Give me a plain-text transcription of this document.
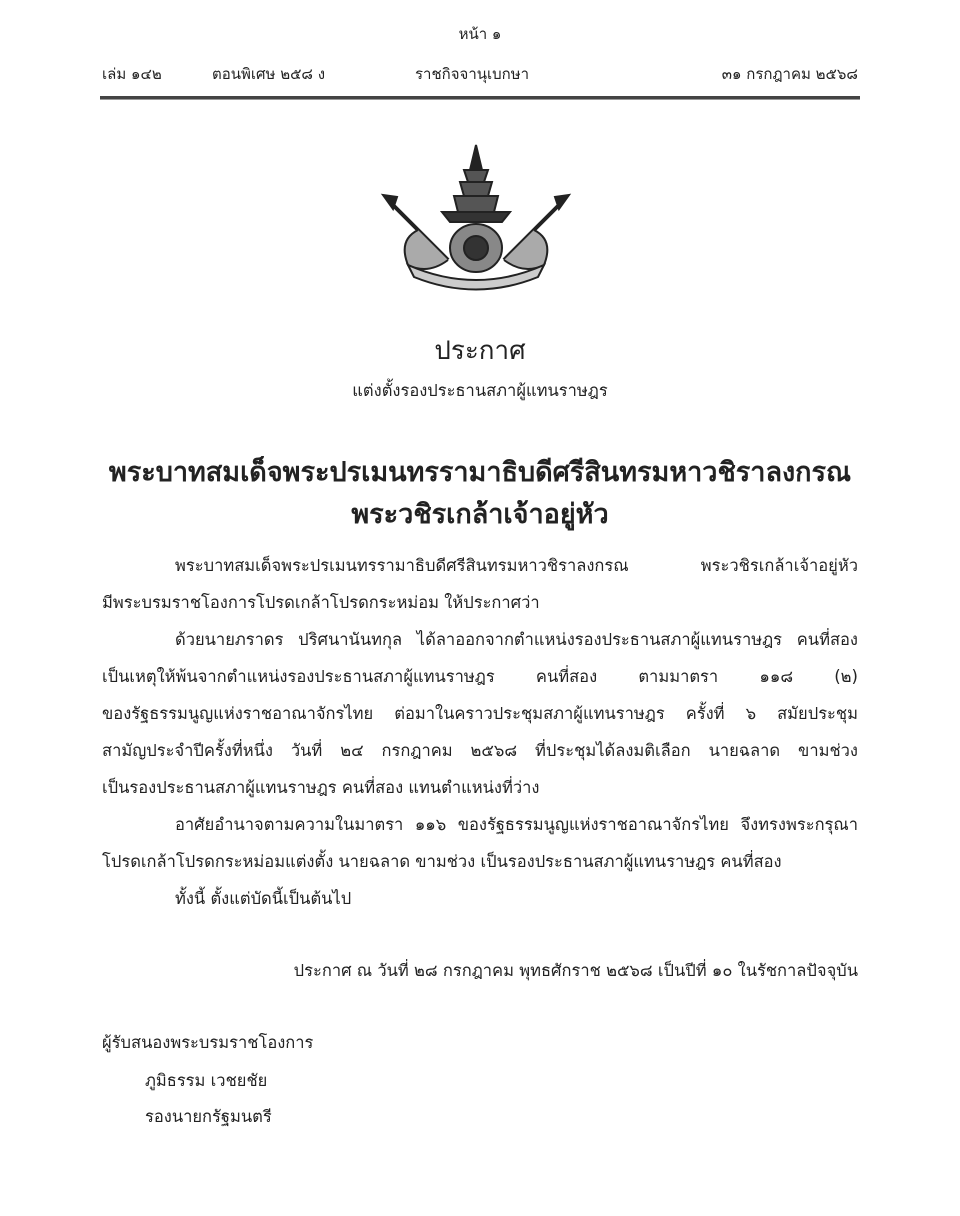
หน้า ๑
เล่ม ๑๔๒	ตอนพิเศษ ๒๕๘ ง	ราชกิจจานุเบกษา	๓๑ กรกฎาคม ๒๕๖๘
ประกาศ
แต่งตั้งรองประธานสภาผู้แทนราษฎร
พระบาทสมเด็จพระปรเมนทรรามาธิบดีศรีสินทรมหาวชิราลงกรณ
พระวชิรเกล้าเจ้าอยู่หัว
พระบาทสมเด็จพระปรเมนทรรามาธิบดีศรีสินทรมหาวชิราลงกรณ พระวชิรเกล้าเจ้าอยู่หัว
มีพระบรมราชโองการโปรดเกล้าโปรดกระหม่อม ให้ประกาศว่า
ด้วยนายภราดร ปริศนานันทกุล ได้ลาออกจากตำแหน่งรองประธานสภาผู้แทนราษฎร คนที่สอง
เป็นเหตุให้พ้นจากตำแหน่งรองประธานสภาผู้แทนราษฎร คนที่สอง ตามมาตรา ๑๑๘ (๒)
ของรัฐธรรมนูญแห่งราชอาณาจักรไทย ต่อมาในคราวประชุมสภาผู้แทนราษฎร ครั้งที่ ๖ สมัยประชุม
สามัญประจำปีครั้งที่หนึ่ง วันที่ ๒๔ กรกฎาคม ๒๕๖๘ ที่ประชุมได้ลงมติเลือก นายฉลาด ขามช่วง
เป็นรองประธานสภาผู้แทนราษฎร คนที่สอง แทนตำแหน่งที่ว่าง
อาศัยอำนาจตามความในมาตรา ๑๑๖ ของรัฐธรรมนูญแห่งราชอาณาจักรไทย จึงทรงพระกรุณา
โปรดเกล้าโปรดกระหม่อมแต่งตั้ง นายฉลาด ขามช่วง เป็นรองประธานสภาผู้แทนราษฎร คนที่สอง
ทั้งนี้ ตั้งแต่บัดนี้เป็นต้นไป
ประกาศ ณ วันที่ ๒๘ กรกฎาคม พุทธศักราช ๒๕๖๘ เป็นปีที่ ๑๐ ในรัชกาลปัจจุบัน
ผู้รับสนองพระบรมราชโองการ
ภูมิธรรม เวชยชัย
รองนายกรัฐมนตรี
